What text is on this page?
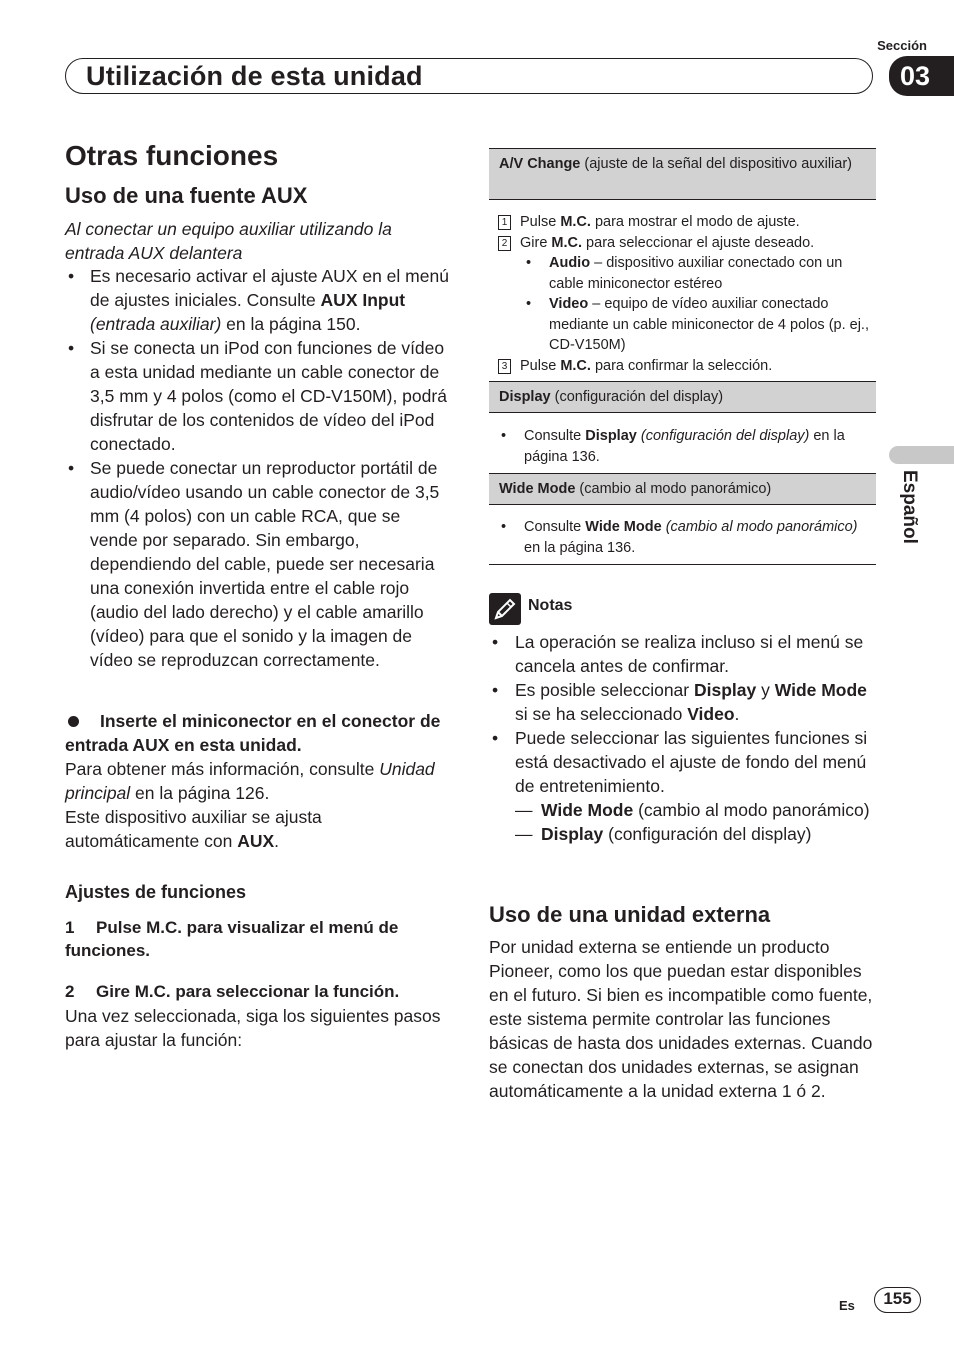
Sección
Utilización de esta unidad	03
Español
Otras funciones
Uso de una fuente AUX
Al conectar un equipo auxiliar utilizando la entrada AUX delantera
• Es necesario activar el ajuste AUX en el menú de ajustes iniciales. Consulte AUX Input (entrada auxiliar) en la página 150.
• Si se conecta un iPod con funciones de vídeo a esta unidad mediante un cable conector de 3,5 mm y 4 polos (como el CD-V150M), podrá disfrutar de los contenidos de vídeo del iPod conectado.
• Se puede conectar un reproductor portátil de audio/vídeo usando un cable conector de 3,5 mm (4 polos) con un cable RCA, que se vende por separado. Sin embargo, dependiendo del cable, puede ser necesaria una conexión invertida entre el cable rojo (audio del lado derecho) y el cable amarillo (vídeo) para que el sonido y la imagen de vídeo se reproduzcan correctamente.
Inserte el miniconector en el conector de entrada AUX en esta unidad.
Para obtener más información, consulte Unidad principal en la página 126.
Este dispositivo auxiliar se ajusta automáticamente con AUX.
Ajustes de funciones
1 Pulse M.C. para visualizar el menú de funciones.
2 Gire M.C. para seleccionar la función.
Una vez seleccionada, siga los siguientes pasos para ajustar la función:
A/V Change (ajuste de la señal del dispositivo auxiliar)
1 Pulse M.C. para mostrar el modo de ajuste.
2 Gire M.C. para seleccionar el ajuste deseado.
• Audio – dispositivo auxiliar conectado con un cable miniconector estéreo
• Video – equipo de vídeo auxiliar conectado mediante un cable miniconector de 4 polos (p. ej., CD-V150M)
3 Pulse M.C. para confirmar la selección.
Display (configuración del display)
• Consulte Display (configuración del display) en la página 136.
Wide Mode (cambio al modo panorámico)
• Consulte Wide Mode (cambio al modo panorámico) en la página 136.
Notas
• La operación se realiza incluso si el menú se cancela antes de confirmar.
• Es posible seleccionar Display y Wide Mode si se ha seleccionado Video.
• Puede seleccionar las siguientes funciones si está desactivado el ajuste de fondo del menú de entretenimiento.
— Wide Mode (cambio al modo panorámico)
— Display (configuración del display)
Uso de una unidad externa
Por unidad externa se entiende un producto Pioneer, como los que puedan estar disponibles en el futuro. Si bien es incompatible como fuente, este sistema permite controlar las funciones básicas de hasta dos unidades externas. Cuando se conectan dos unidades externas, se asignan automáticamente a la unidad externa 1 ó 2.
Es	155
